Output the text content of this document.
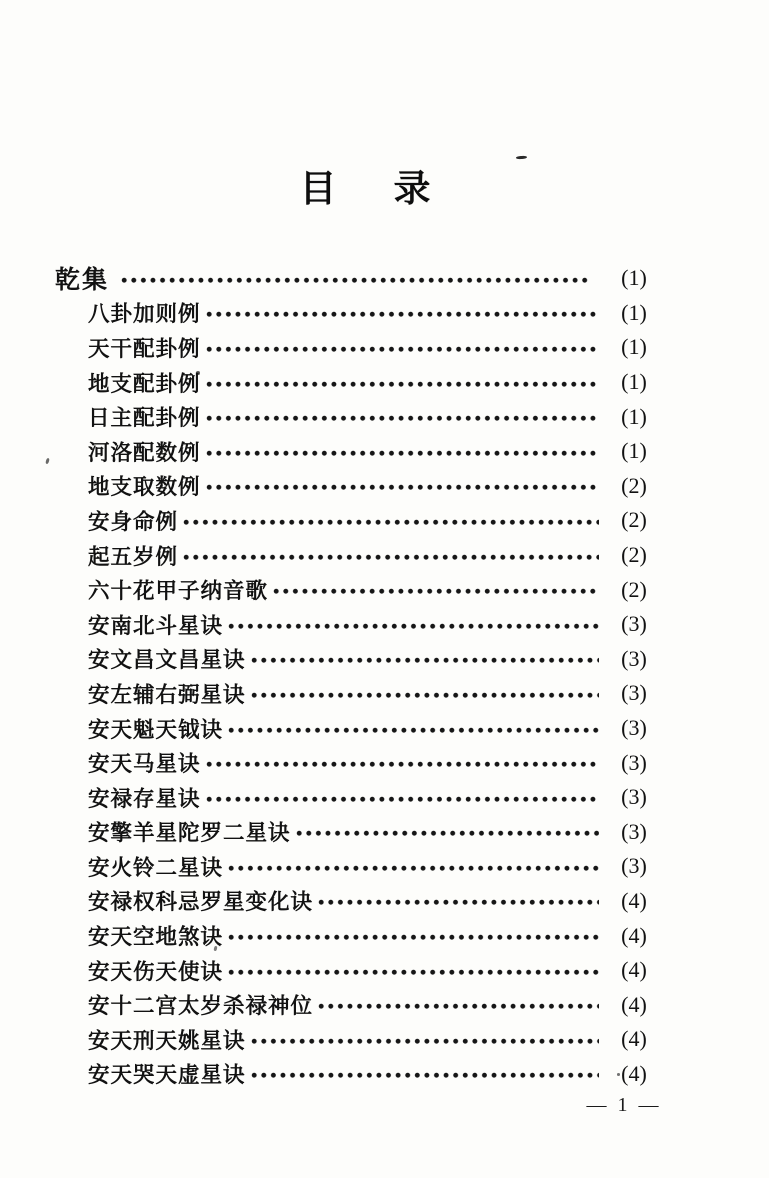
目　录
乾集	(1)
八卦加则例	(1)
天干配卦例	(1)
地支配卦例	(1)
日主配卦例	(1)
河洛配数例	(1)
地支取数例	(2)
安身命例	(2)
起五岁例	(2)
六十花甲子纳音歌	(2)
安南北斗星诀	(3)
安文昌文昌星诀	(3)
安左辅右弼星诀	(3)
安天魁天钺诀	(3)
安天马星诀	(3)
安禄存星诀	(3)
安擎羊星陀罗二星诀	(3)
安火铃二星诀	(3)
安禄权科忌罗星变化诀	(4)
安天空地煞诀	(4)
安天伤天使诀	(4)
安十二宫太岁杀禄神位	(4)
安天刑天姚星诀	(4)
安天哭天虚星诀	(4)
— 1 —
